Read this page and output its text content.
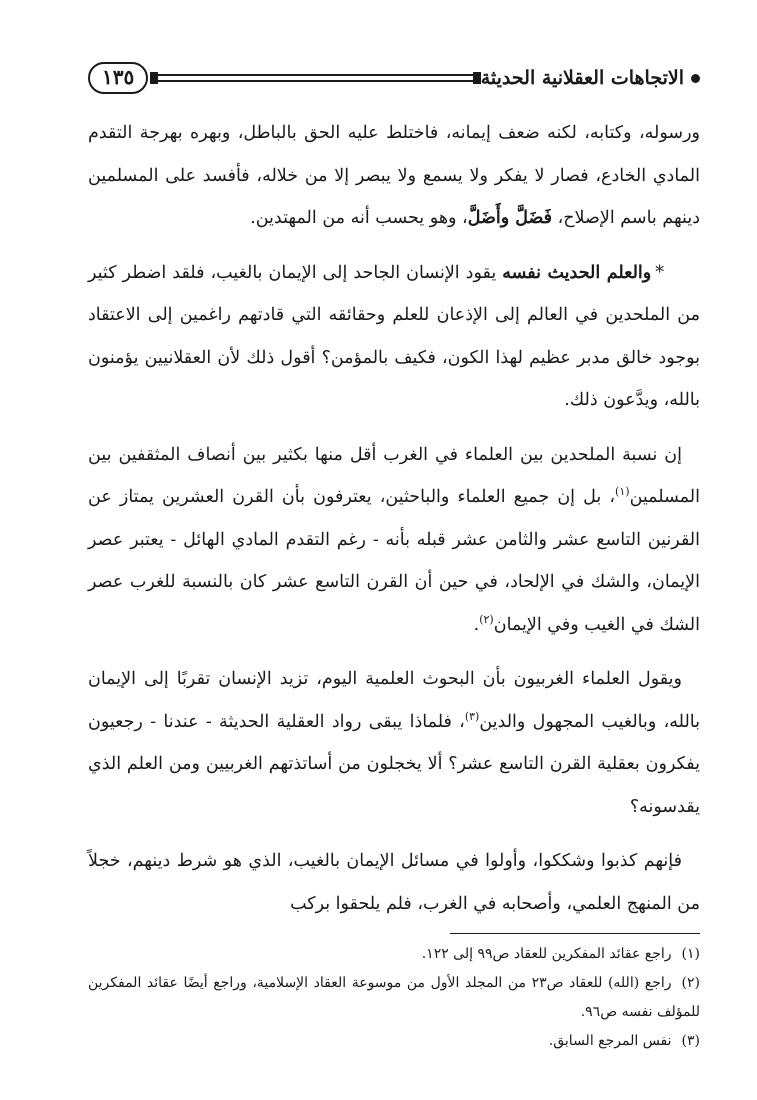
الاتجاهات العقلانية الحديثة
١٣٥

ورسوله، وكتابه، لكنه ضعف إيمانه، فاختلط عليه الحق بالباطل، وبهره بهرجة التقدم المادي الخادع، فصار لا يفكر ولا يسمع ولا يبصر إلا من خلاله، فأفسد على المسلمين دينهم باسم الإصلاح، فَضَلَّ وأَضَلَّ، وهو يحسب أنه من المهتدين.

*والعلم الحديث نفسه يقود الإنسان الجاحد إلى الإيمان بالغيب، فلقد اضطر كثير من الملحدين في العالم إلى الإذعان للعلم وحقائقه التي قادتهم راغمين إلى الاعتقاد بوجود خالق مدبر عظيم لهذا الكون، فكيف بالمؤمن؟ أقول ذلك لأن العقلانيين يؤمنون بالله، ويدَّعون ذلك.

إن نسبة الملحدين بين العلماء في الغرب أقل منها بكثير بين أنصاف المثقفين بين المسلمين$^{(١)}$، بل إن جميع العلماء والباحثين، يعترفون بأن القرن العشرين يمتاز عن القرنين التاسع عشر والثامن عشر قبله بأنه - رغم التقدم المادي الهائل - يعتبر عصر الإيمان، والشك في الإلحاد، في حين أن القرن التاسع عشر كان بالنسبة للغرب عصر الشك في الغيب وفي الإيمان$^{(٢)}$.

ويقول العلماء الغربيون بأن البحوث العلمية اليوم، تزيد الإنسان تقربًا إلى الإيمان بالله، وبالغيب المجهول والدين$^{(٣)}$، فلماذا يبقى رواد العقلية الحديثة - عندنا - رجعيون يفكرون بعقلية القرن التاسع عشر؟ ألا يخجلون من أساتذتهم الغربيين ومن العلم الذي يقدسونه؟

فإنهم كذبوا وشككوا، وأولوا في مسائل الإيمان بالغيب، الذي هو شرط دينهم، خجلاً من المنهج العلمي، وأصحابه في الغرب، فلم يلحقوا بركب

(١)راجع عقائد المفكرين للعقاد ص٩٩ إلى ١٢٢.

(٢)راجع (الله) للعقاد ص٢٣ من المجلد الأول من موسوعة العقاد الإسلامية، وراجع أيضًا عقائد المفكرين للمؤلف نفسه ص٩٦.

(٣)نفس المرجع السابق.
